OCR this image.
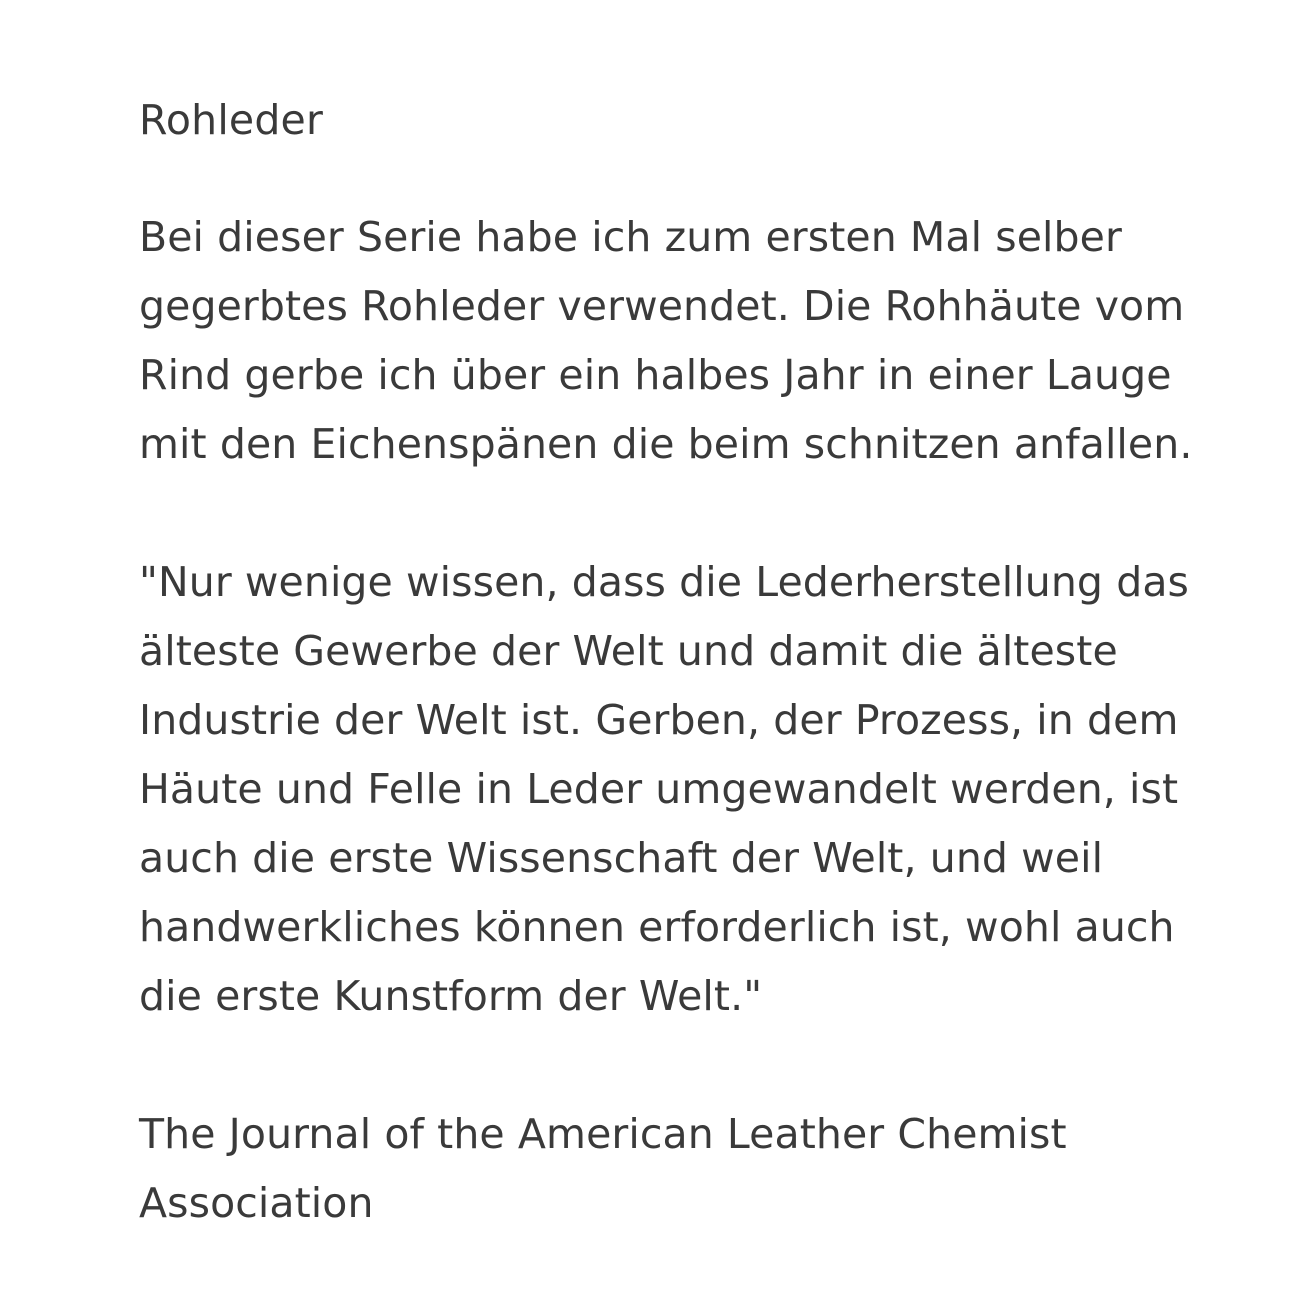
Rohleder

Bei dieser Serie habe ich zum ersten Mal selber gegerbtes Rohleder verwendet. Die Rohhäute vom Rind gerbe ich über ein halbes Jahr in einer Lauge mit den Eichenspänen die beim schnitzen anfallen.

"Nur wenige wissen, dass die Lederherstellung das älteste Gewerbe der Welt und damit die älteste Industrie der Welt ist. Gerben, der Prozess, in dem Häute und Felle in Leder umgewandelt werden, ist auch die erste Wissenschaft der Welt, und weil handwerkliches können erforderlich ist, wohl auch die erste Kunstform der Welt."

The Journal of the American Leather Chemist Association
